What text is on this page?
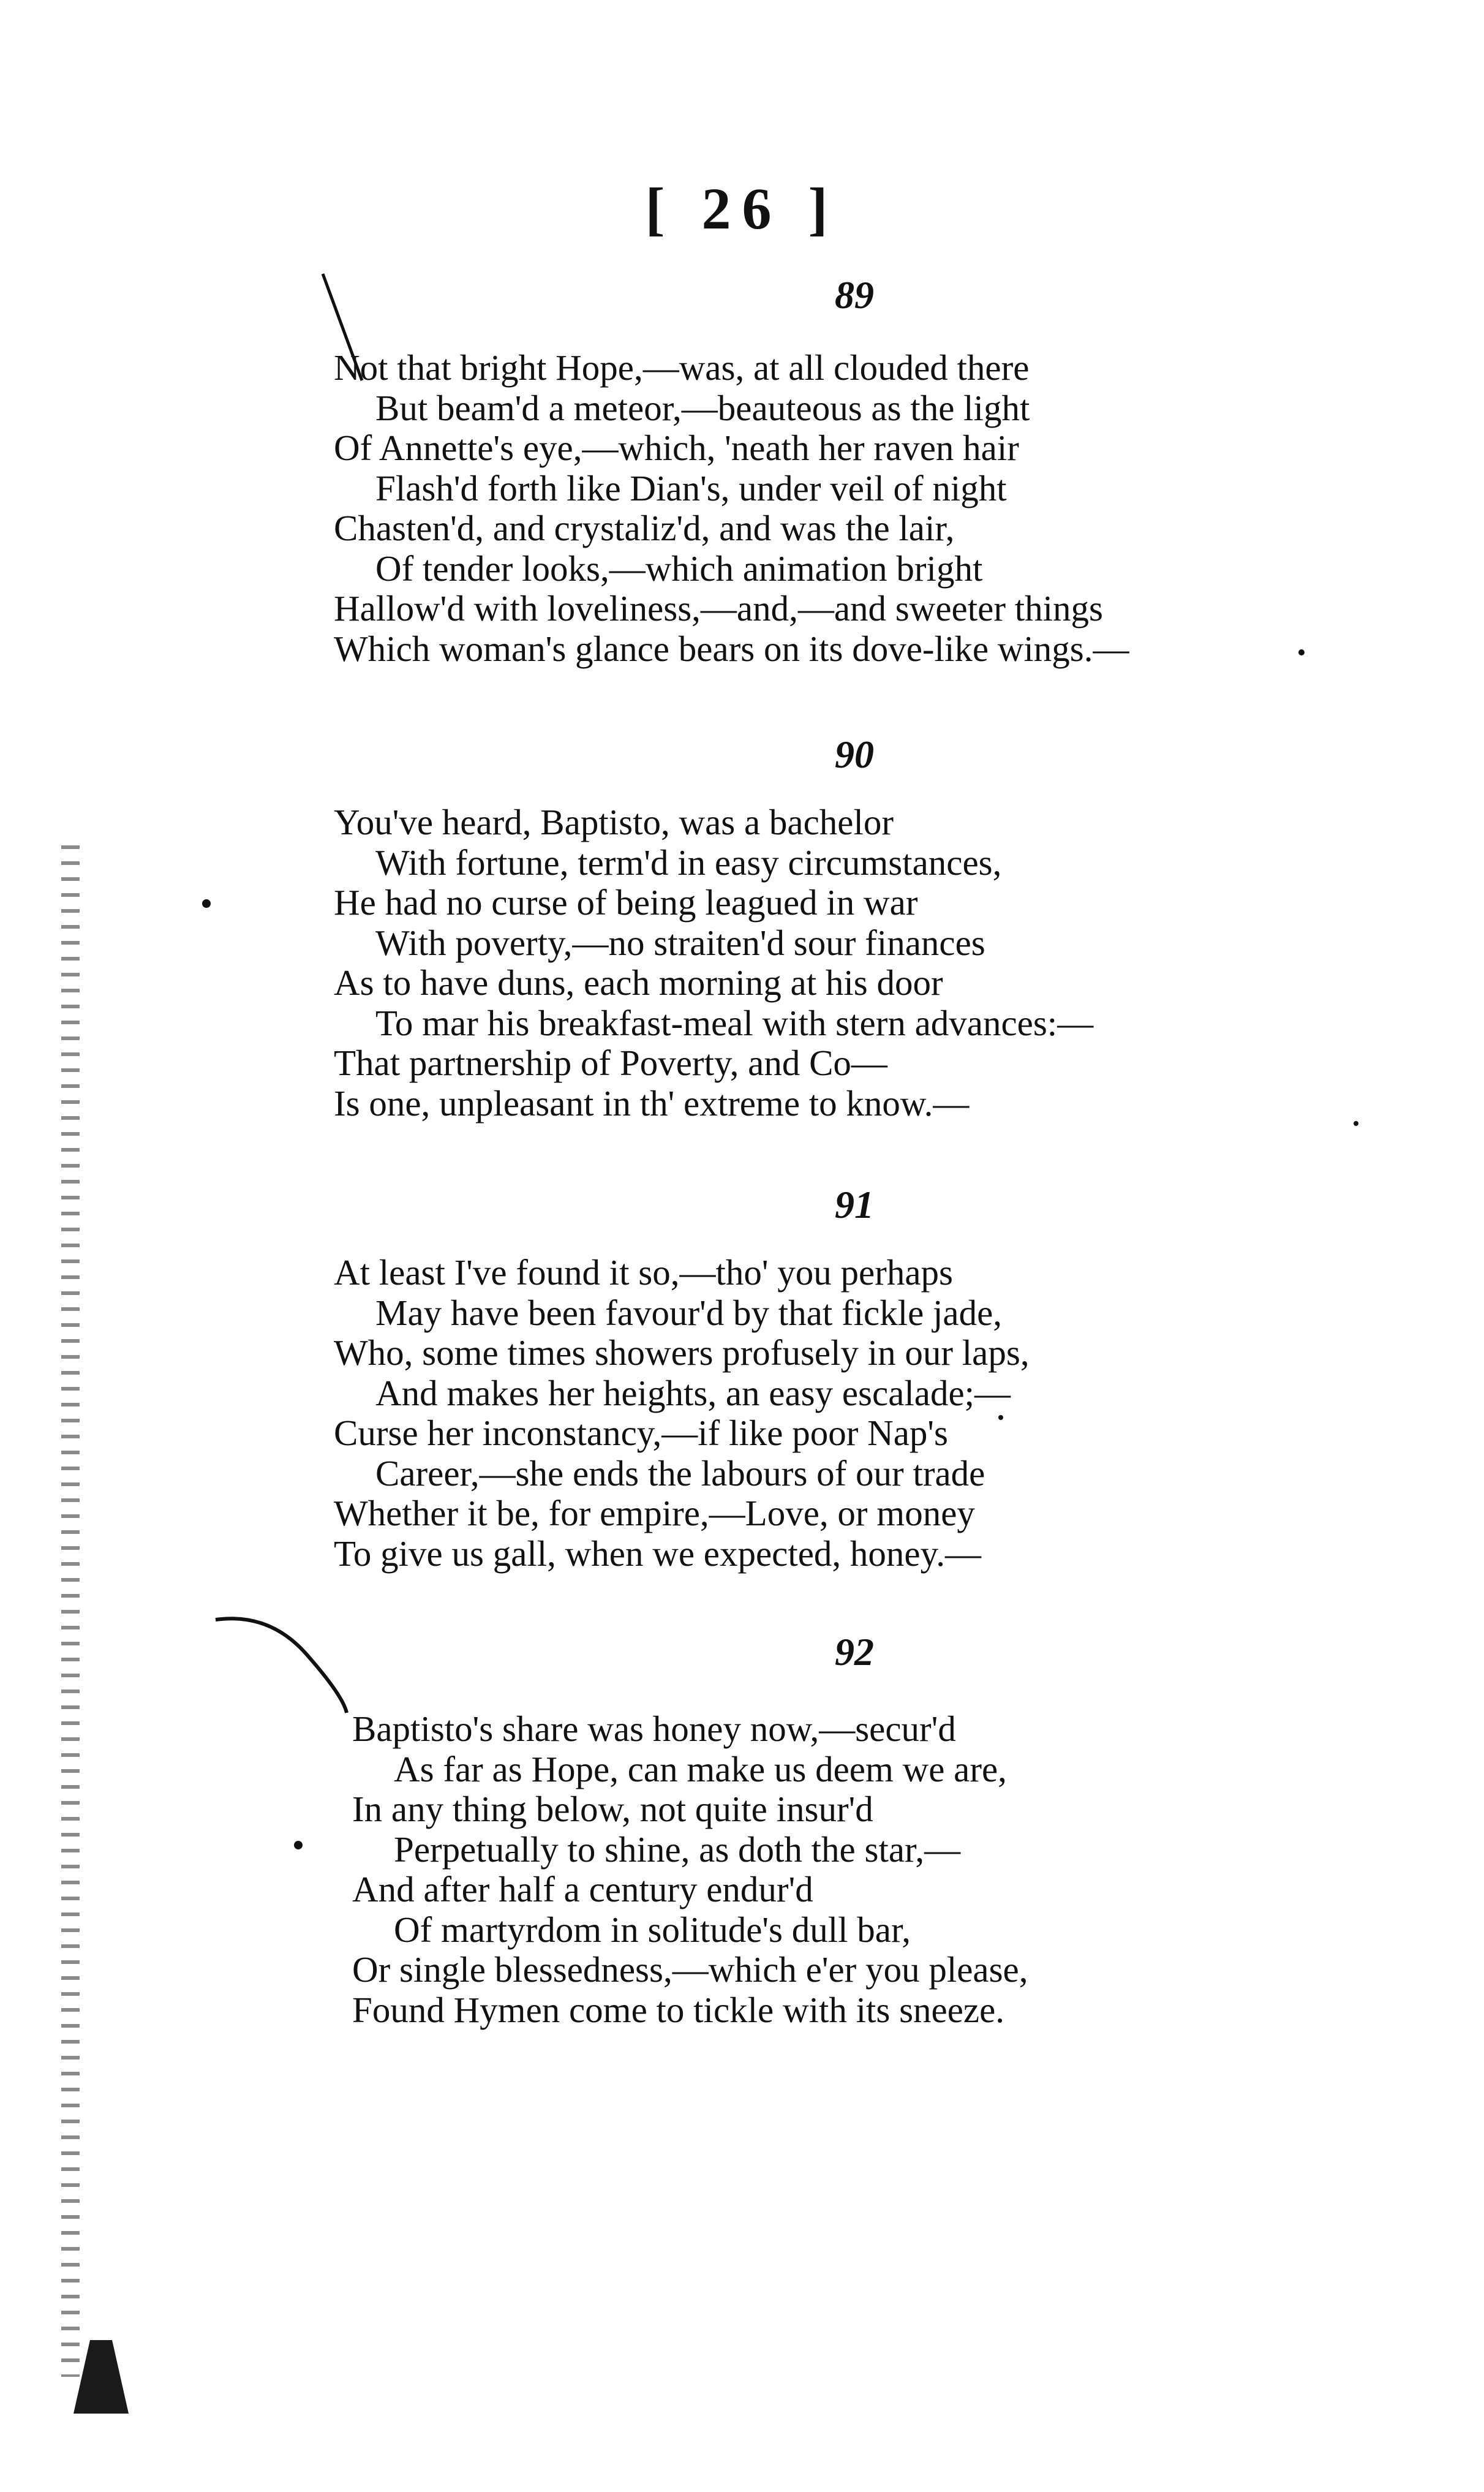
[ 26 ]
89
Not that bright Hope,—was, at all clouded there
But beam'd a meteor,—beauteous as the light
Of Annette's eye,—which, 'neath her raven hair
Flash'd forth like Dian's, under veil of night
Chasten'd, and crystaliz'd, and was the lair,
Of tender looks,—which animation bright
Hallow'd with loveliness,—and,—and sweeter things
Which woman's glance bears on its dove-like wings.—
90
You've heard, Baptisto, was a bachelor
With fortune, term'd in easy circumstances,
He had no curse of being leagued in war
With poverty,—no straiten'd sour finances
As to have duns, each morning at his door
To mar his breakfast-meal with stern advances:—
That partnership of Poverty, and Co—
Is one, unpleasant in th' extreme to know.—
91
At least I've found it so,—tho' you perhaps
May have been favour'd by that fickle jade,
Who, some times showers profusely in our laps,
And makes her heights, an easy escalade;—
Curse her inconstancy,—if like poor Nap's
Career,—she ends the labours of our trade
Whether it be, for empire,—Love, or money
To give us gall, when we expected, honey.—
92
Baptisto's share was honey now,—secur'd
As far as Hope, can make us deem we are,
In any thing below, not quite insur'd
Perpetually to shine, as doth the star,—
And after half a century endur'd
Of martyrdom in solitude's dull bar,
Or single blessedness,—which e'er you please,
Found Hymen come to tickle with its sneeze.
